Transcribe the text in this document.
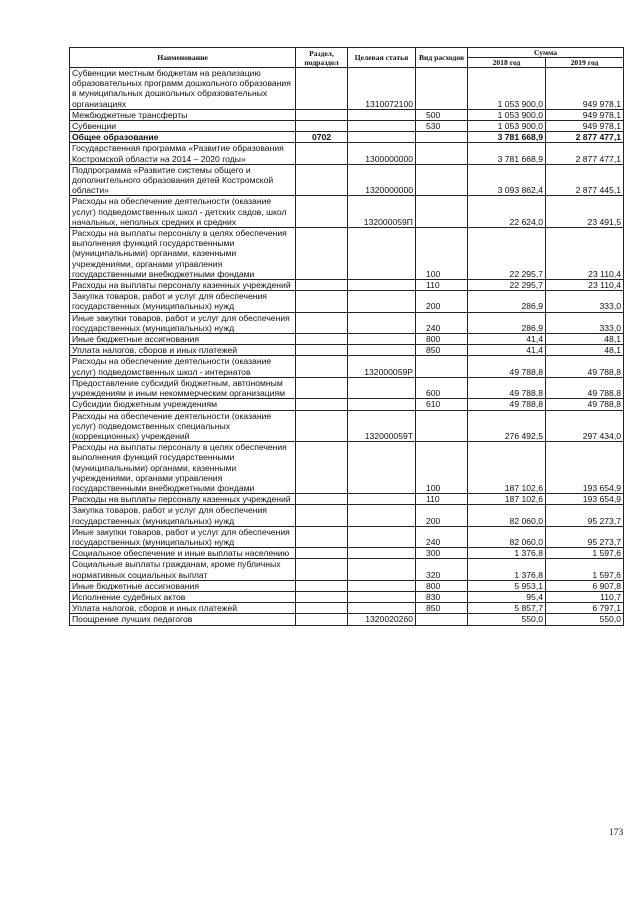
Наименование	Раздел, подраздел	Целевая статья	Вид расходов	Сумма	
				2018 год	2019 год
Субвенции местным бюджетам на реализацию образовательных программ дошкольного образования в муниципальных дошкольных образовательных организациях		1310072100		1 053 900,0	949 978,1
Межбюджетные трансферты			500	1 053 900,0	949 978,1
Субвенции			530	1 053 900,0	949 978,1
Общее образование	0702			3 781 668,9	2 877 477,1
Государственная программа «Развитие образования Костромской области на 2014 – 2020 годы»		1300000000		3 781 668,9	2 877 477,1
Подпрограмма «Развитие системы общего и дополнительного образования детей Костромской области»		1320000000		3 093 862,4	2 877 445,1
Расходы на обеспечение деятельности (оказание услуг) подведомственных школ - детских садов, школ начальных, неполных средних и средних		132000059П		22 624,0	23 491,5
Расходы на выплаты персоналу в целях обеспечения выполнения функций государственными (муниципальными) органами, казенными учреждениями, органами управления государственными внебюджетными фондами			100	22 295,7	23 110,4
Расходы на выплаты персоналу казенных учреждений			110	22 295,7	23 110,4
Закупка товаров, работ и услуг для обеспечения государственных (муниципальных) нужд			200	286,9	333,0
Иные закупки товаров, работ и услуг для обеспечения государственных (муниципальных) нужд			240	286,9	333,0
Иные бюджетные ассигнования			800	41,4	48,1
Уплата налогов, сборов и иных платежей			850	41,4	48,1
Расходы на обеспечение деятельности (оказание услуг) подведомственных школ - интернатов		132000059Р		49 788,8	49 788,8
Предоставление субсидий бюджетным, автономным учреждениям и иным некоммерческим организациям			600	49 788,8	49 788,8
Субсидии бюджетным учреждениям			610	49 788,8	49 788,8
Расходы на обеспечение деятельности (оказание услуг) подведомственных специальных (коррекционных) учреждений		132000059Т		276 492,5	297 434,0
Расходы на выплаты персоналу в целях обеспечения выполнения функций государственными (муниципальными) органами, казенными учреждениями, органами управления государственными внебюджетными фондами			100	187 102,6	193 654,9
Расходы на выплаты персоналу казенных учреждений			110	187 102,6	193 654,9
Закупка товаров, работ и услуг для обеспечения государственных (муниципальных) нужд			200	82 060,0	95 273,7
Иные закупки товаров, работ и услуг для обеспечения государственных (муниципальных) нужд			240	82 060,0	95 273,7
Социальное обеспечение и иные выплаты населению			300	1 376,8	1 597,6
Социальные выплаты гражданам, кроме публичных нормативных социальных выплат			320	1 376,8	1 597,6
Иные бюджетные ассигнования			800	5 953,1	6 907,8
Исполнение судебных актов			830	95,4	110,7
Уплата налогов, сборов и иных платежей			850	5 857,7	6 797,1
Поощрение лучших педагогов		1320020260		550,0	550,0
173
